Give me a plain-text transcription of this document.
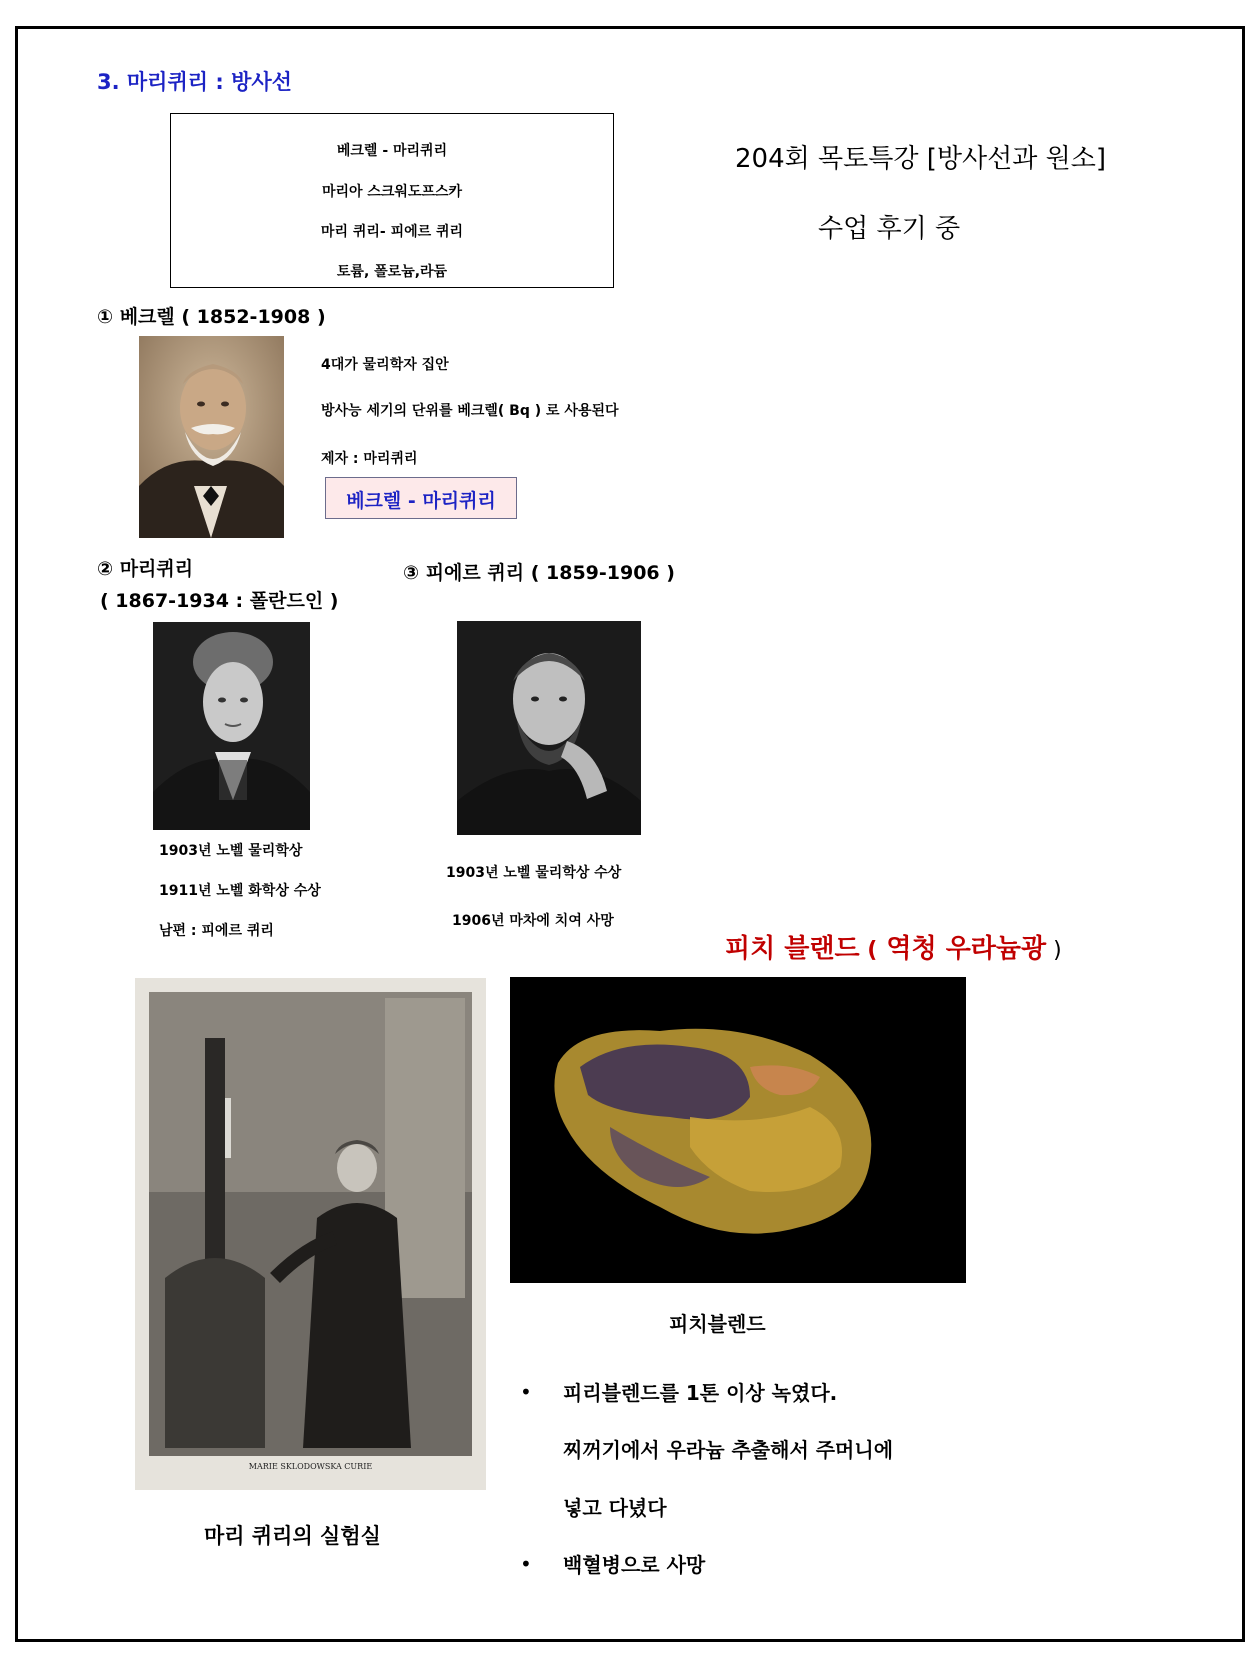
3. 마리퀴리 : 방사선
베크렐 - 마리퀴리
마리아 스크워도프스카
마리 퀴리- 피에르 퀴리
토륨, 폴로늄,라듐
204회 목토특강 [방사선과 원소]
수업 후기 중
① 베크렐 ( 1852-1908 )
4대가 물리학자 집안
방사능 세기의 단위를 베크렐( Bq ) 로 사용된다
제자 : 마리퀴리
베크렐 - 마리퀴리
② 마리퀴리
( 1867-1934 : 폴란드인 )
③ 피에르 퀴리 ( 1859-1906 )
1903년 노벨 물리학상
1911년 노벨 화학상 수상
남편 : 피에르 퀴리
1903년 노벨 물리학상 수상
1906년 마차에 치여 사망
피치 블랜드 ( 역청 우라늄광 )
MARIE SKLODOWSKA CURIE
마리 퀴리의 실험실
피치블렌드
• 피리블렌드를 1톤 이상 녹였다.
찌꺼기에서 우라늄 추출해서 주머니에
넣고 다녔다
• 백혈병으로 사망
